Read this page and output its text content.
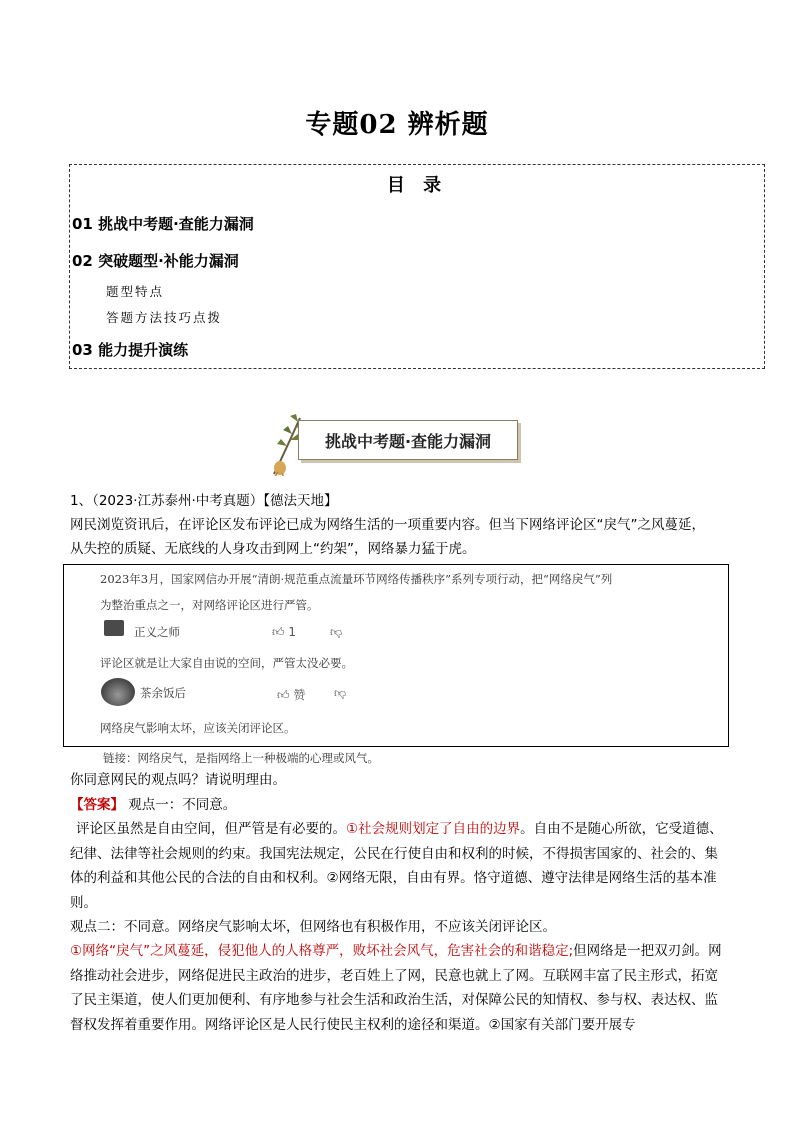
专题02 辨析题
目 录
01 挑战中考题·查能力漏洞
02 突破题型·补能力漏洞
题型特点
答题方法技巧点拨
03 能力提升演练
挑战中考题·查能力漏洞
1、（2023·江苏泰州·中考真题）【德法天地】
网民浏览资讯后，在评论区发布评论已成为网络生活的一项重要内容。但当下网络评论区“戾气”之风蔓延，
从失控的质疑、无底线的人身攻击到网上“约架”，网络暴力猛于虎。
2023年3月，国家网信办开展“清朗·规范重点流量环节网络传播秩序”系列专项行动，把“网络戾气”列
为整治重点之一，对网络评论区进行严管。
正义之师	👍︎ 1	👎︎
评论区就是让大家自由说的空间，严管太没必要。
茶余饭后	👍︎ 赞 👎︎
网络戾气影响太坏，应该关闭评论区。
链接：网络戾气，是指网络上一种极端的心理或风气。
你同意网民的观点吗？请说明理由。
【答案】 观点一：不同意。
评论区虽然是自由空间，但严管是有必要的。①社会规则划定了自由的边界。自由不是随心所欲，它受道德、纪律、法律等社会规则的约束。我国宪法规定，公民在行使自由和权利的时候，不得损害国家的、社会的、集体的利益和其他公民的合法的自由和权利。②网络无限，自由有界。恪守道德、遵守法律是网络生活的基本准则。
观点二：不同意。网络戾气影响太坏，但网络也有积极作用，不应该关闭评论区。
①网络“戾气”之风蔓延，侵犯他人的人格尊严，败坏社会风气，危害社会的和谐稳定;但网络是一把双刃剑。网络推动社会进步，网络促进民主政治的进步，老百姓上了网，民意也就上了网。互联网丰富了民主形式，拓宽了民主渠道，使人们更加便利、有序地参与社会生活和政治生活，对保障公民的知情权、参与权、表达权、监督权发挥着重要作用。网络评论区是人民行使民主权利的途径和渠道。②国家有关部门要开展专
